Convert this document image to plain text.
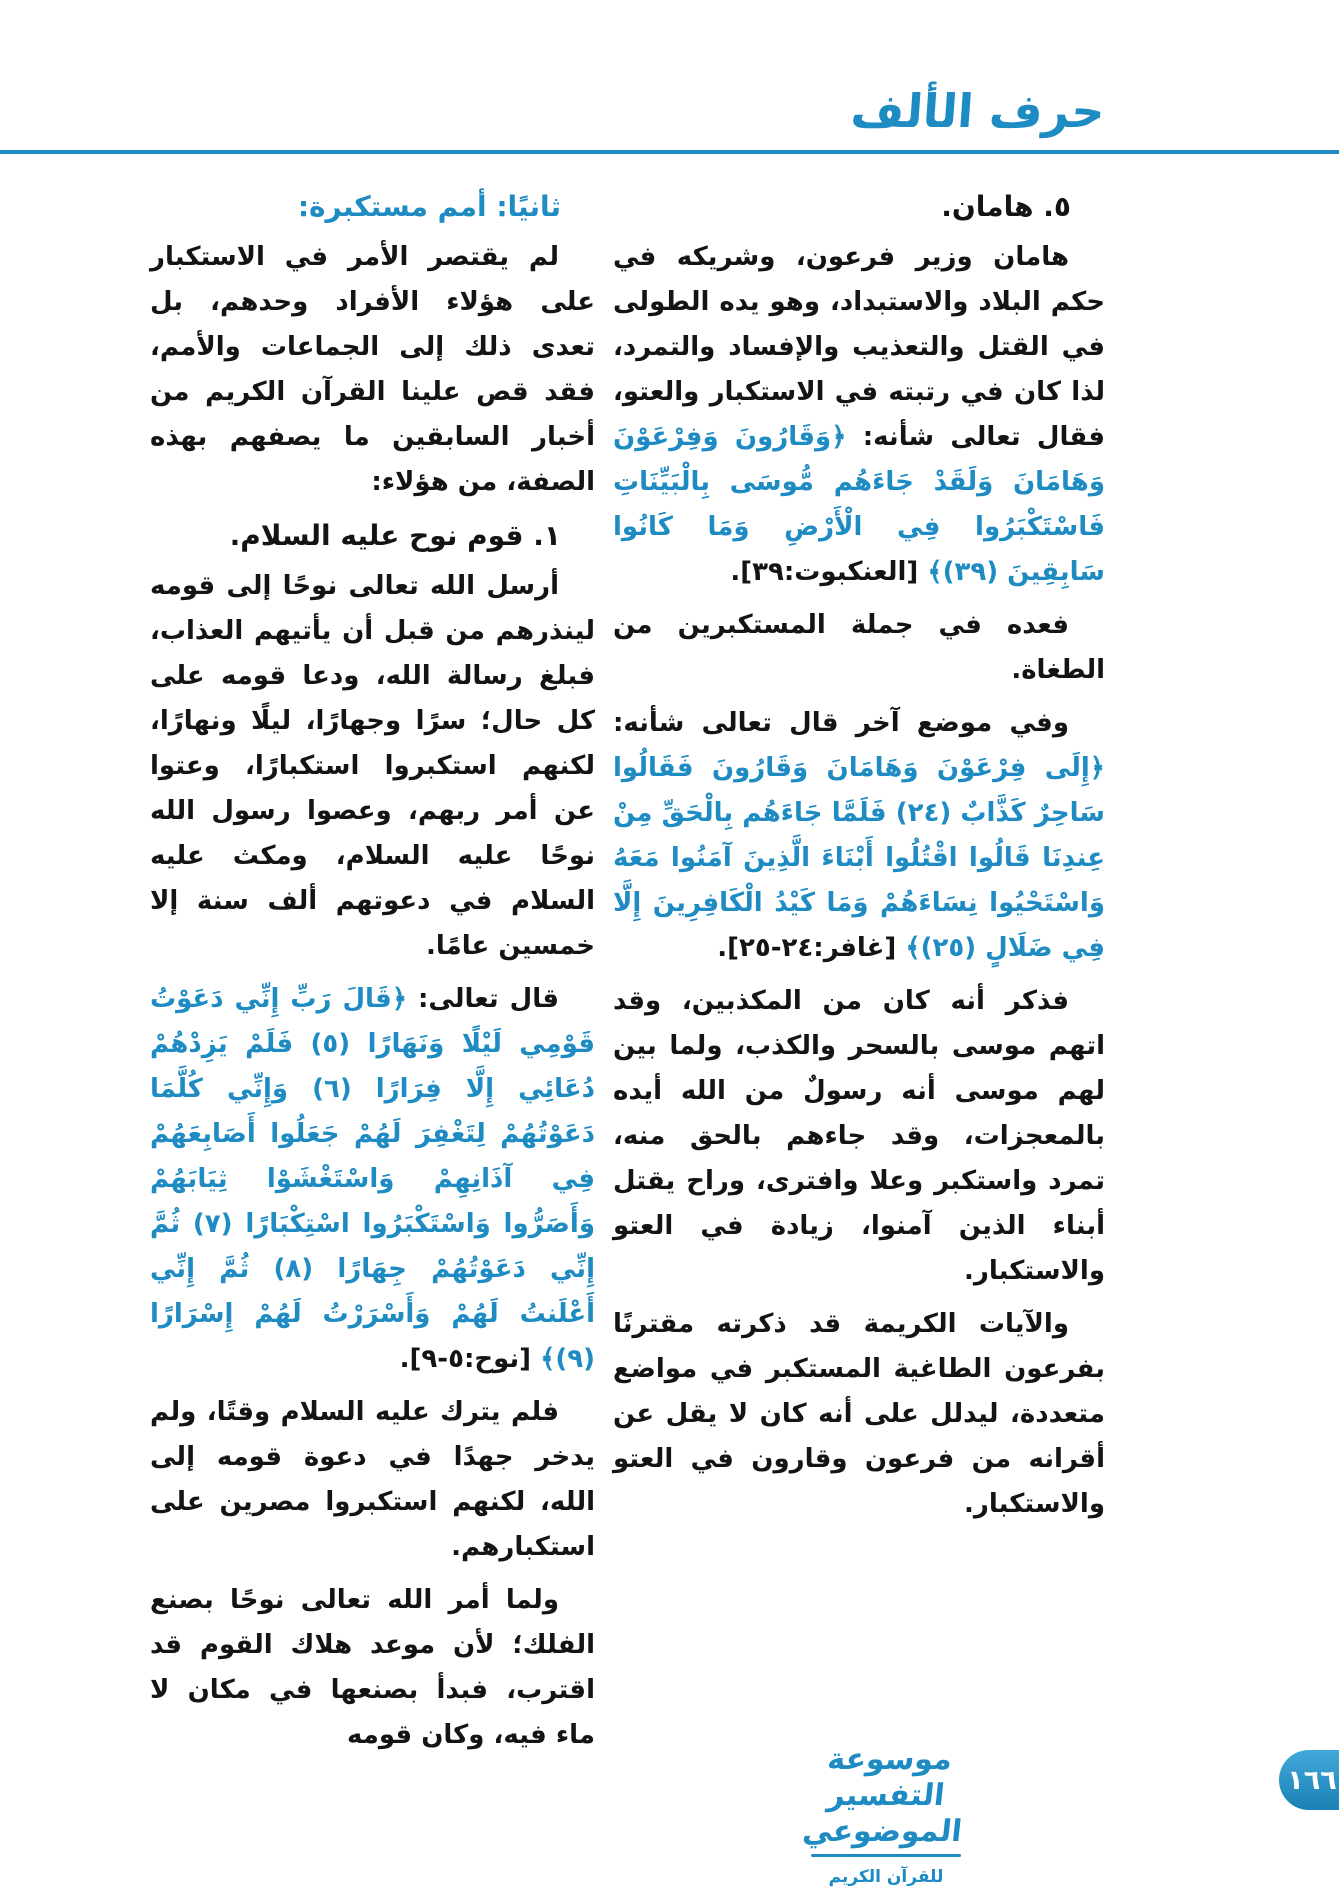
حرف الألف
٥. هامان.

هامان وزير فرعون، وشريكه في حكم البلاد والاستبداد، وهو يده الطولى في القتل والتعذيب والإفساد والتمرد، لذا كان في رتبته في الاستكبار والعتو، فقال تعالى شأنه: ﴿وَقَارُونَ وَفِرْعَوْنَ وَهَامَانَ وَلَقَدْ جَاءَهُم مُّوسَى بِالْبَيِّنَاتِ فَاسْتَكْبَرُوا فِي الْأَرْضِ وَمَا كَانُوا سَابِقِينَ (٣٩)﴾ [العنكبوت:٣٩].

فعده في جملة المستكبرين من الطغاة.

وفي موضع آخر قال تعالى شأنه: ﴿إِلَى فِرْعَوْنَ وَهَامَانَ وَقَارُونَ فَقَالُوا سَاحِرٌ كَذَّابٌ (٢٤) فَلَمَّا جَاءَهُم بِالْحَقِّ مِنْ عِندِنَا قَالُوا اقْتُلُوا أَبْنَاءَ الَّذِينَ آمَنُوا مَعَهُ وَاسْتَحْيُوا نِسَاءَهُمْ وَمَا كَيْدُ الْكَافِرِينَ إِلَّا فِي ضَلَالٍ (٢٥)﴾ [غافر:٢٤-٢٥].

فذكر أنه كان من المكذبين، وقد اتهم موسى بالسحر والكذب، ولما بين لهم موسى أنه رسولٌ من الله أيده بالمعجزات، وقد جاءهم بالحق منه، تمرد واستكبر وعلا وافترى، وراح يقتل أبناء الذين آمنوا، زيادة في العتو والاستكبار.

والآيات الكريمة قد ذكرته مقترنًا بفرعون الطاغية المستكبر في مواضع متعددة، ليدلل على أنه كان لا يقل عن أقرانه من فرعون وقارون في العتو والاستكبار.

ثانيًا: أمم مستكبرة:

لم يقتصر الأمر في الاستكبار على هؤلاء الأفراد وحدهم، بل تعدى ذلك إلى الجماعات والأمم، فقد قص علينا القرآن الكريم من أخبار السابقين ما يصفهم بهذه الصفة، من هؤلاء:

١. قوم نوح عليه السلام.

أرسل الله تعالى نوحًا إلى قومه لينذرهم من قبل أن يأتيهم العذاب، فبلغ رسالة الله، ودعا قومه على كل حال؛ سرًا وجهارًا، ليلًا ونهارًا، لكنهم استكبروا استكبارًا، وعتوا عن أمر ربهم، وعصوا رسول الله نوحًا عليه السلام، ومكث عليه السلام في دعوتهم ألف سنة إلا خمسين عامًا.

قال تعالى: ﴿قَالَ رَبِّ إِنِّي دَعَوْتُ قَوْمِي لَيْلًا وَنَهَارًا (٥) فَلَمْ يَزِدْهُمْ دُعَائِي إِلَّا فِرَارًا (٦) وَإِنِّي كُلَّمَا دَعَوْتُهُمْ لِتَغْفِرَ لَهُمْ جَعَلُوا أَصَابِعَهُمْ فِي آذَانِهِمْ وَاسْتَغْشَوْا ثِيَابَهُمْ وَأَصَرُّوا وَاسْتَكْبَرُوا اسْتِكْبَارًا (٧) ثُمَّ إِنِّي دَعَوْتُهُمْ جِهَارًا (٨) ثُمَّ إِنِّي أَعْلَنتُ لَهُمْ وَأَسْرَرْتُ لَهُمْ إِسْرَارًا (٩)﴾ [نوح:٥-٩].

فلم يترك عليه السلام وقتًا، ولم يدخر جهدًا في دعوة قومه إلى الله، لكنهم استكبروا مصرين على استكبارهم.

ولما أمر الله تعالى نوحًا بصنع الفلك؛ لأن موعد هلاك القوم قد اقترب، فبدأ بصنعها في مكان لا ماء فيه، وكان قومه

موسوعة التفسير الموضوعي
للقرآن الكريم
١٦٦
